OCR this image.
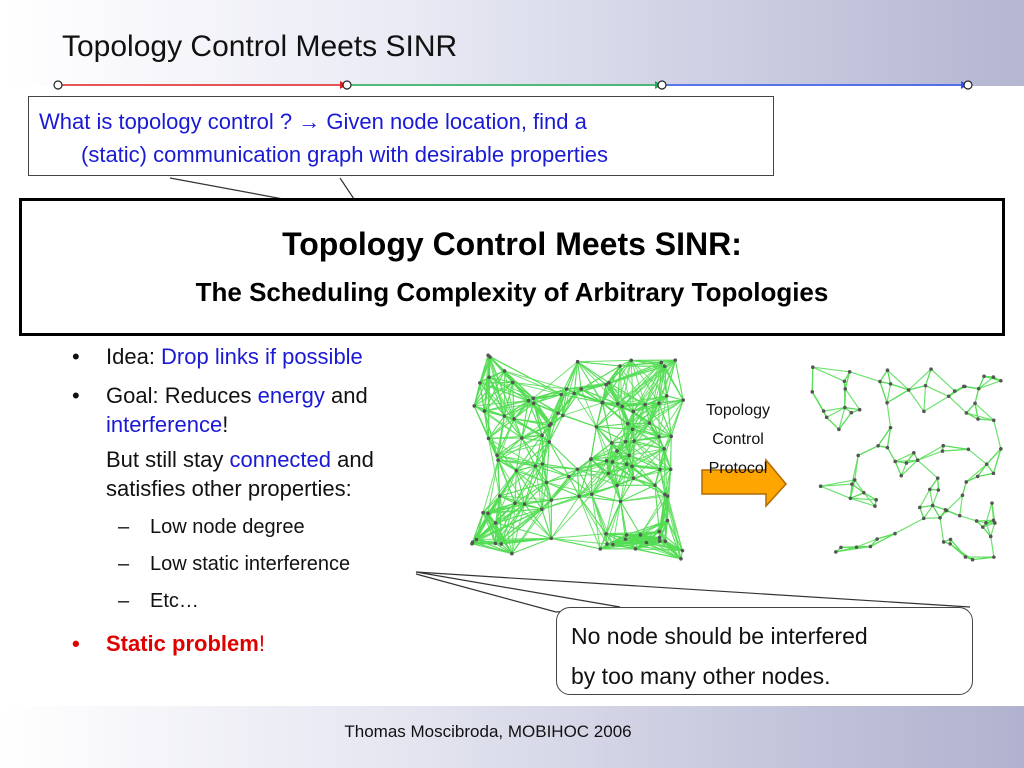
Topology Control Meets SINR
What is topology control ? → Given node location, find a
(static) communication graph with desirable properties
Topology Control Meets SINR:
The Scheduling Complexity of Arbitrary Topologies
• Idea: Drop links if possible
• Goal: Reduces energy and
interference!
But still stay connected and
satisfies other properties:
– Low node degree
– Low static interference
– Etc…
• Static problem!
Topology
Control
Protocol
No node should be interfered
by too many other nodes.
Thomas Moscibroda, MOBIHOC 2006
